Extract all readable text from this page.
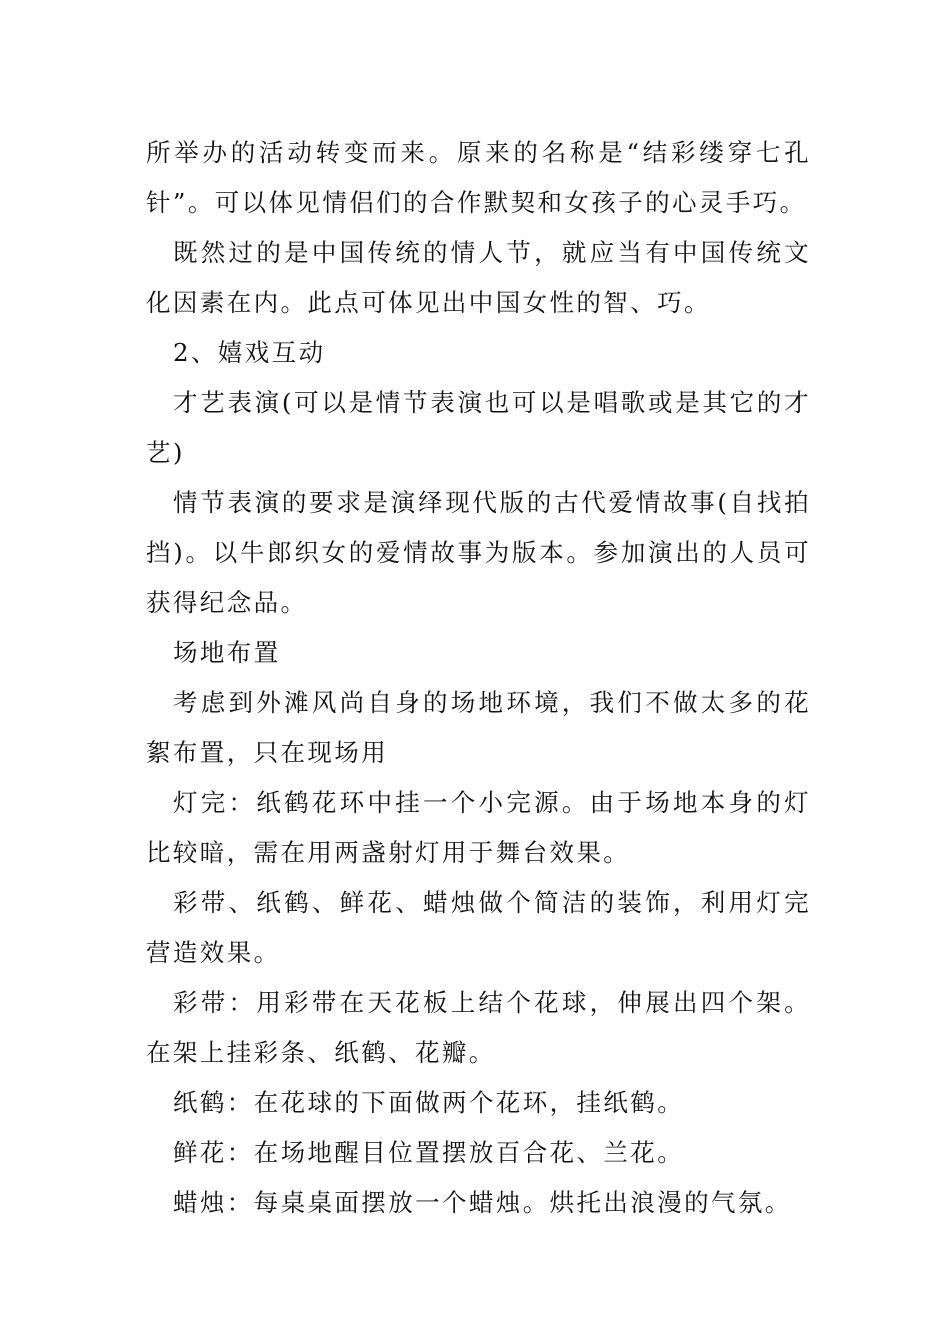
所举办的活动转变而来。原来的名称是“结彩缕穿七孔针”。可以体见情侣们的合作默契和女孩子的心灵手巧。

既然过的是中国传统的情人节，就应当有中国传统文化因素在内。此点可体见出中国女性的智、巧。

2、嬉戏互动

才艺表演(可以是情节表演也可以是唱歌或是其它的才艺)

情节表演的要求是演绎现代版的古代爱情故事(自找拍挡)。以牛郎织女的爱情故事为版本。参加演出的人员可获得纪念品。

场地布置

考虑到外滩风尚自身的场地环境，我们不做太多的花絮布置，只在现场用

灯完：纸鹤花环中挂一个小完源。由于场地本身的灯比较暗，需在用两盏射灯用于舞台效果。

彩带、纸鹤、鲜花、蜡烛做个简洁的装饰，利用灯完营造效果。

彩带：用彩带在天花板上结个花球，伸展出四个架。在架上挂彩条、纸鹤、花瓣。

纸鹤：在花球的下面做两个花环，挂纸鹤。

鲜花：在场地醒目位置摆放百合花、兰花。

蜡烛：每桌桌面摆放一个蜡烛。烘托出浪漫的气氛。
